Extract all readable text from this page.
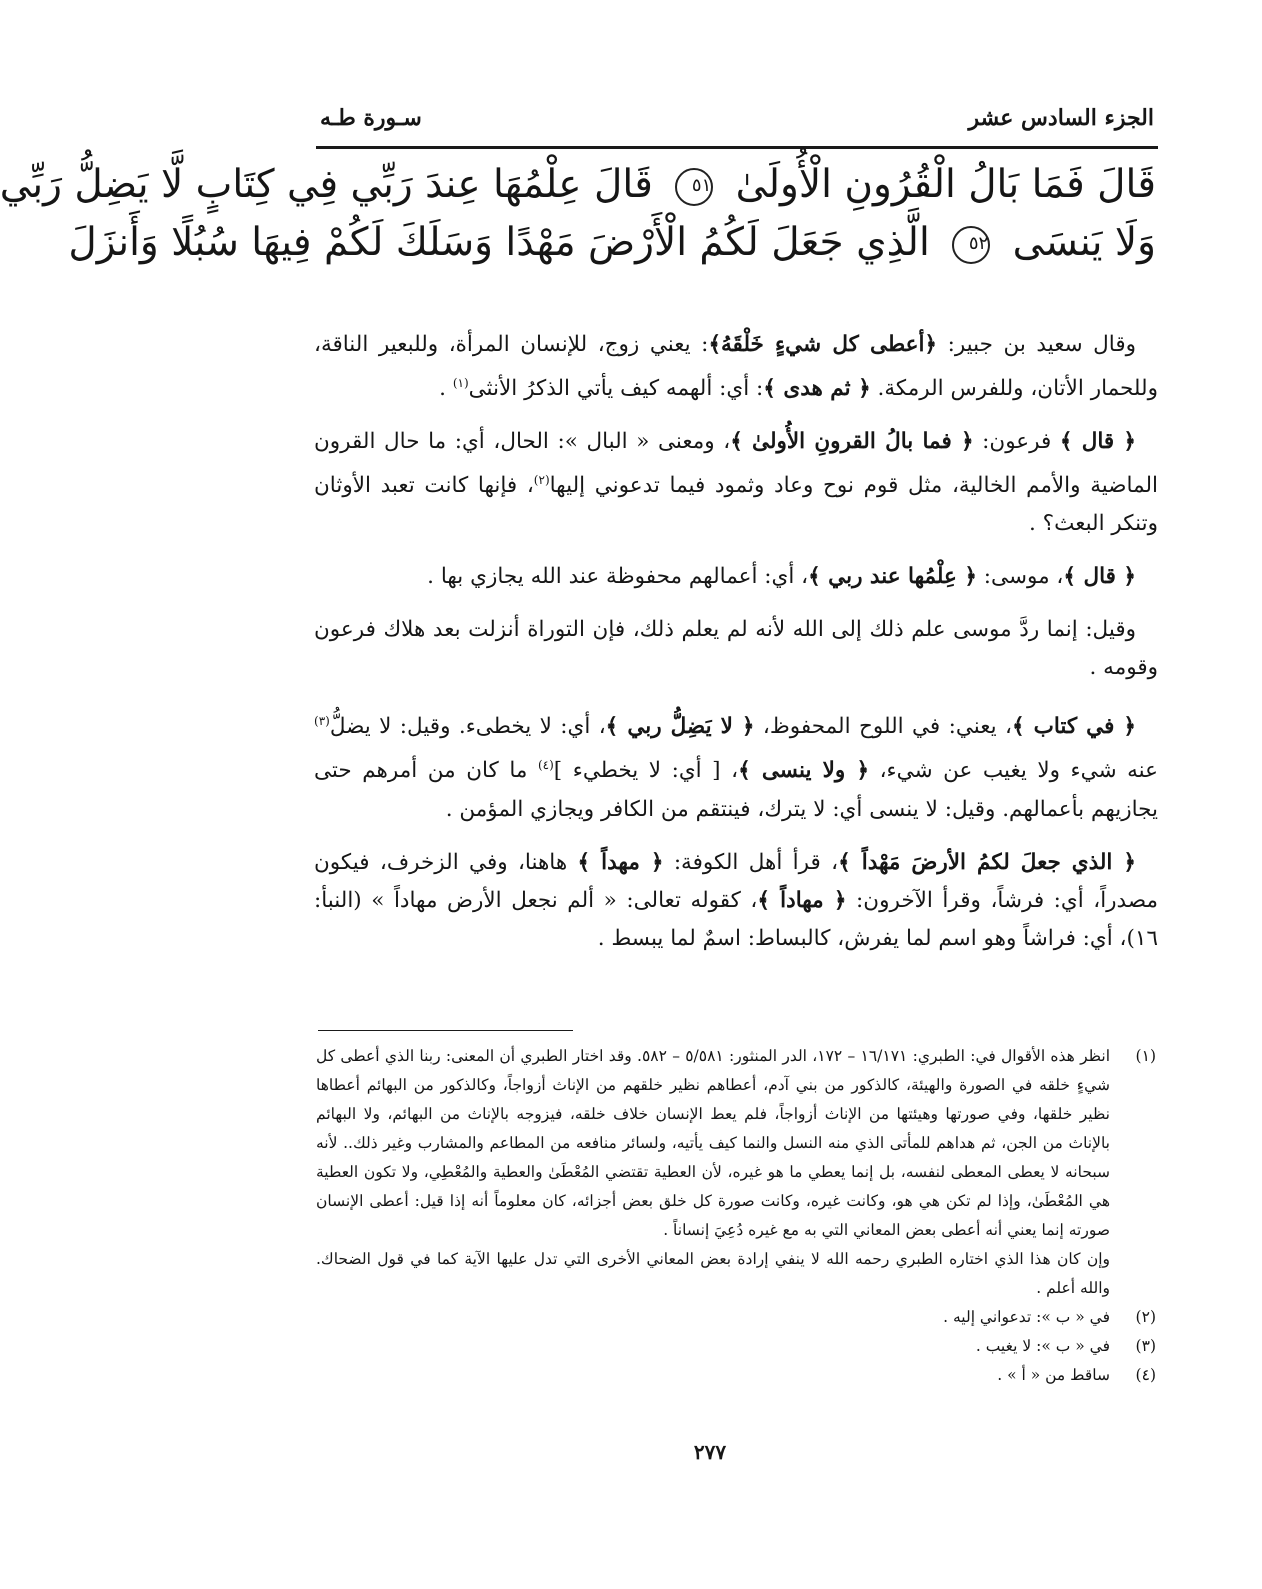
الجزء السادس عشر
سـورة طـه
قَالَ فَمَا بَالُ الْقُرُونِ الْأُولَىٰ ٥١ قَالَ عِلْمُهَا عِندَ رَبِّي فِي كِتَابٍ لَّا يَضِلُّ رَبِّي
وَلَا يَنسَى ٥٢ الَّذِي جَعَلَ لَكُمُ الْأَرْضَ مَهْدًا وَسَلَكَ لَكُمْ فِيهَا سُبُلًا وَأَنزَلَ

وقال سعيد بن جبير: ﴿أعطى كل شيءٍ خَلْقَهُ﴾: يعني زوج، للإنسان المرأة، وللبعير الناقة، وللحمار الأتان، وللفرس الرمكة. ﴿ ثم هدى ﴾: أي: ألهمه كيف يأتي الذكرُ الأنثى$^{(١)}$ .

﴿ قال ﴾ فرعون: ﴿ فما بالُ القرونِ الأُولىٰ ﴾، ومعنى « البال »: الحال، أي: ما حال القرون الماضية والأمم الخالية، مثل قوم نوح وعاد وثمود فيما تدعوني إليها$^{(٢)}$، فإنها كانت تعبد الأوثان وتنكر البعث؟ .

﴿ قال ﴾، موسى: ﴿ عِلْمُها عند ربي ﴾، أي: أعمالهم محفوظة عند الله يجازي بها .

وقيل: إنما ردَّ موسى علم ذلك إلى الله لأنه لم يعلم ذلك، فإن التوراة أنزلت بعد هلاك فرعون وقومه .

﴿ في كتاب ﴾، يعني: في اللوح المحفوظ، ﴿ لا يَضِلُّ ربي ﴾، أي: لا يخطىء. وقيل: لا يضلُّ$^{(٣)}$ عنه شيء ولا يغيب عن شيء، ﴿ ولا ينسى ﴾، [ أي: لا يخطيء ]$^{(٤)}$ ما كان من أمرهم حتى يجازيهم بأعمالهم. وقيل: لا ينسى أي: لا يترك، فينتقم من الكافر ويجازي المؤمن .

﴿ الذي جعلَ لكمُ الأرضَ مَهْداً ﴾، قرأ أهل الكوفة: ﴿ مهداً ﴾ هاهنا، وفي الزخرف، فيكون مصدراً، أي: فرشاً، وقرأ الآخرون: ﴿ مهاداً ﴾، كقوله تعالى: « ألم نجعل الأرض مهاداً » (النبأ: ١٦)، أي: فراشاً وهو اسم لما يفرش، كالبساط: اسمٌ لما يبسط .

(١)
انظر هذه الأقوال في: الطبري: ١٦/١٧١ – ١٧٢، الدر المنثور: ٥/٥٨١ – ٥٨٢. وقد اختار الطبري أن المعنى: ربنا الذي أعطى كل شيءٍ خلقه في الصورة والهيئة، كالذكور من بني آدم، أعطاهم نظير خلقهم من الإناث أزواجاً، وكالذكور من البهائم أعطاها نظير خلقها، وفي صورتها وهيئتها من الإناث أزواجاً، فلم يعط الإنسان خلاف خلقه، فيزوجه بالإناث من البهائم، ولا البهائم بالإناث من الجن، ثم هداهم للمأتى الذي منه النسل والنما كيف يأتيه، ولسائر منافعه من المطاعم والمشارب وغير ذلك.. لأنه سبحانه لا يعطى المعطى لنفسه، بل إنما يعطي ما هو غيره، لأن العطية تقتضي المُعْطَىٰ والعطية والمُعْطِي، ولا تكون العطية هي المُعْطَىٰ، وإذا لم تكن هي هو، وكانت غيره، وكانت صورة كل خلق بعض أجزائه، كان معلوماً أنه إذا قيل: أعطى الإنسان صورته إنما يعني أنه أعطى بعض المعاني التي به مع غيره دُعِيَ إنساناً .
وإن كان هذا الذي اختاره الطبري رحمه الله لا ينفي إرادة بعض المعاني الأخرى التي تدل عليها الآية كما في قول الضحاك. والله أعلم .
(٢)
في « ب »: تدعواني إليه .
(٣)
في « ب »: لا يغيب .
(٤)
ساقط من « أ » .
٢٧٧
